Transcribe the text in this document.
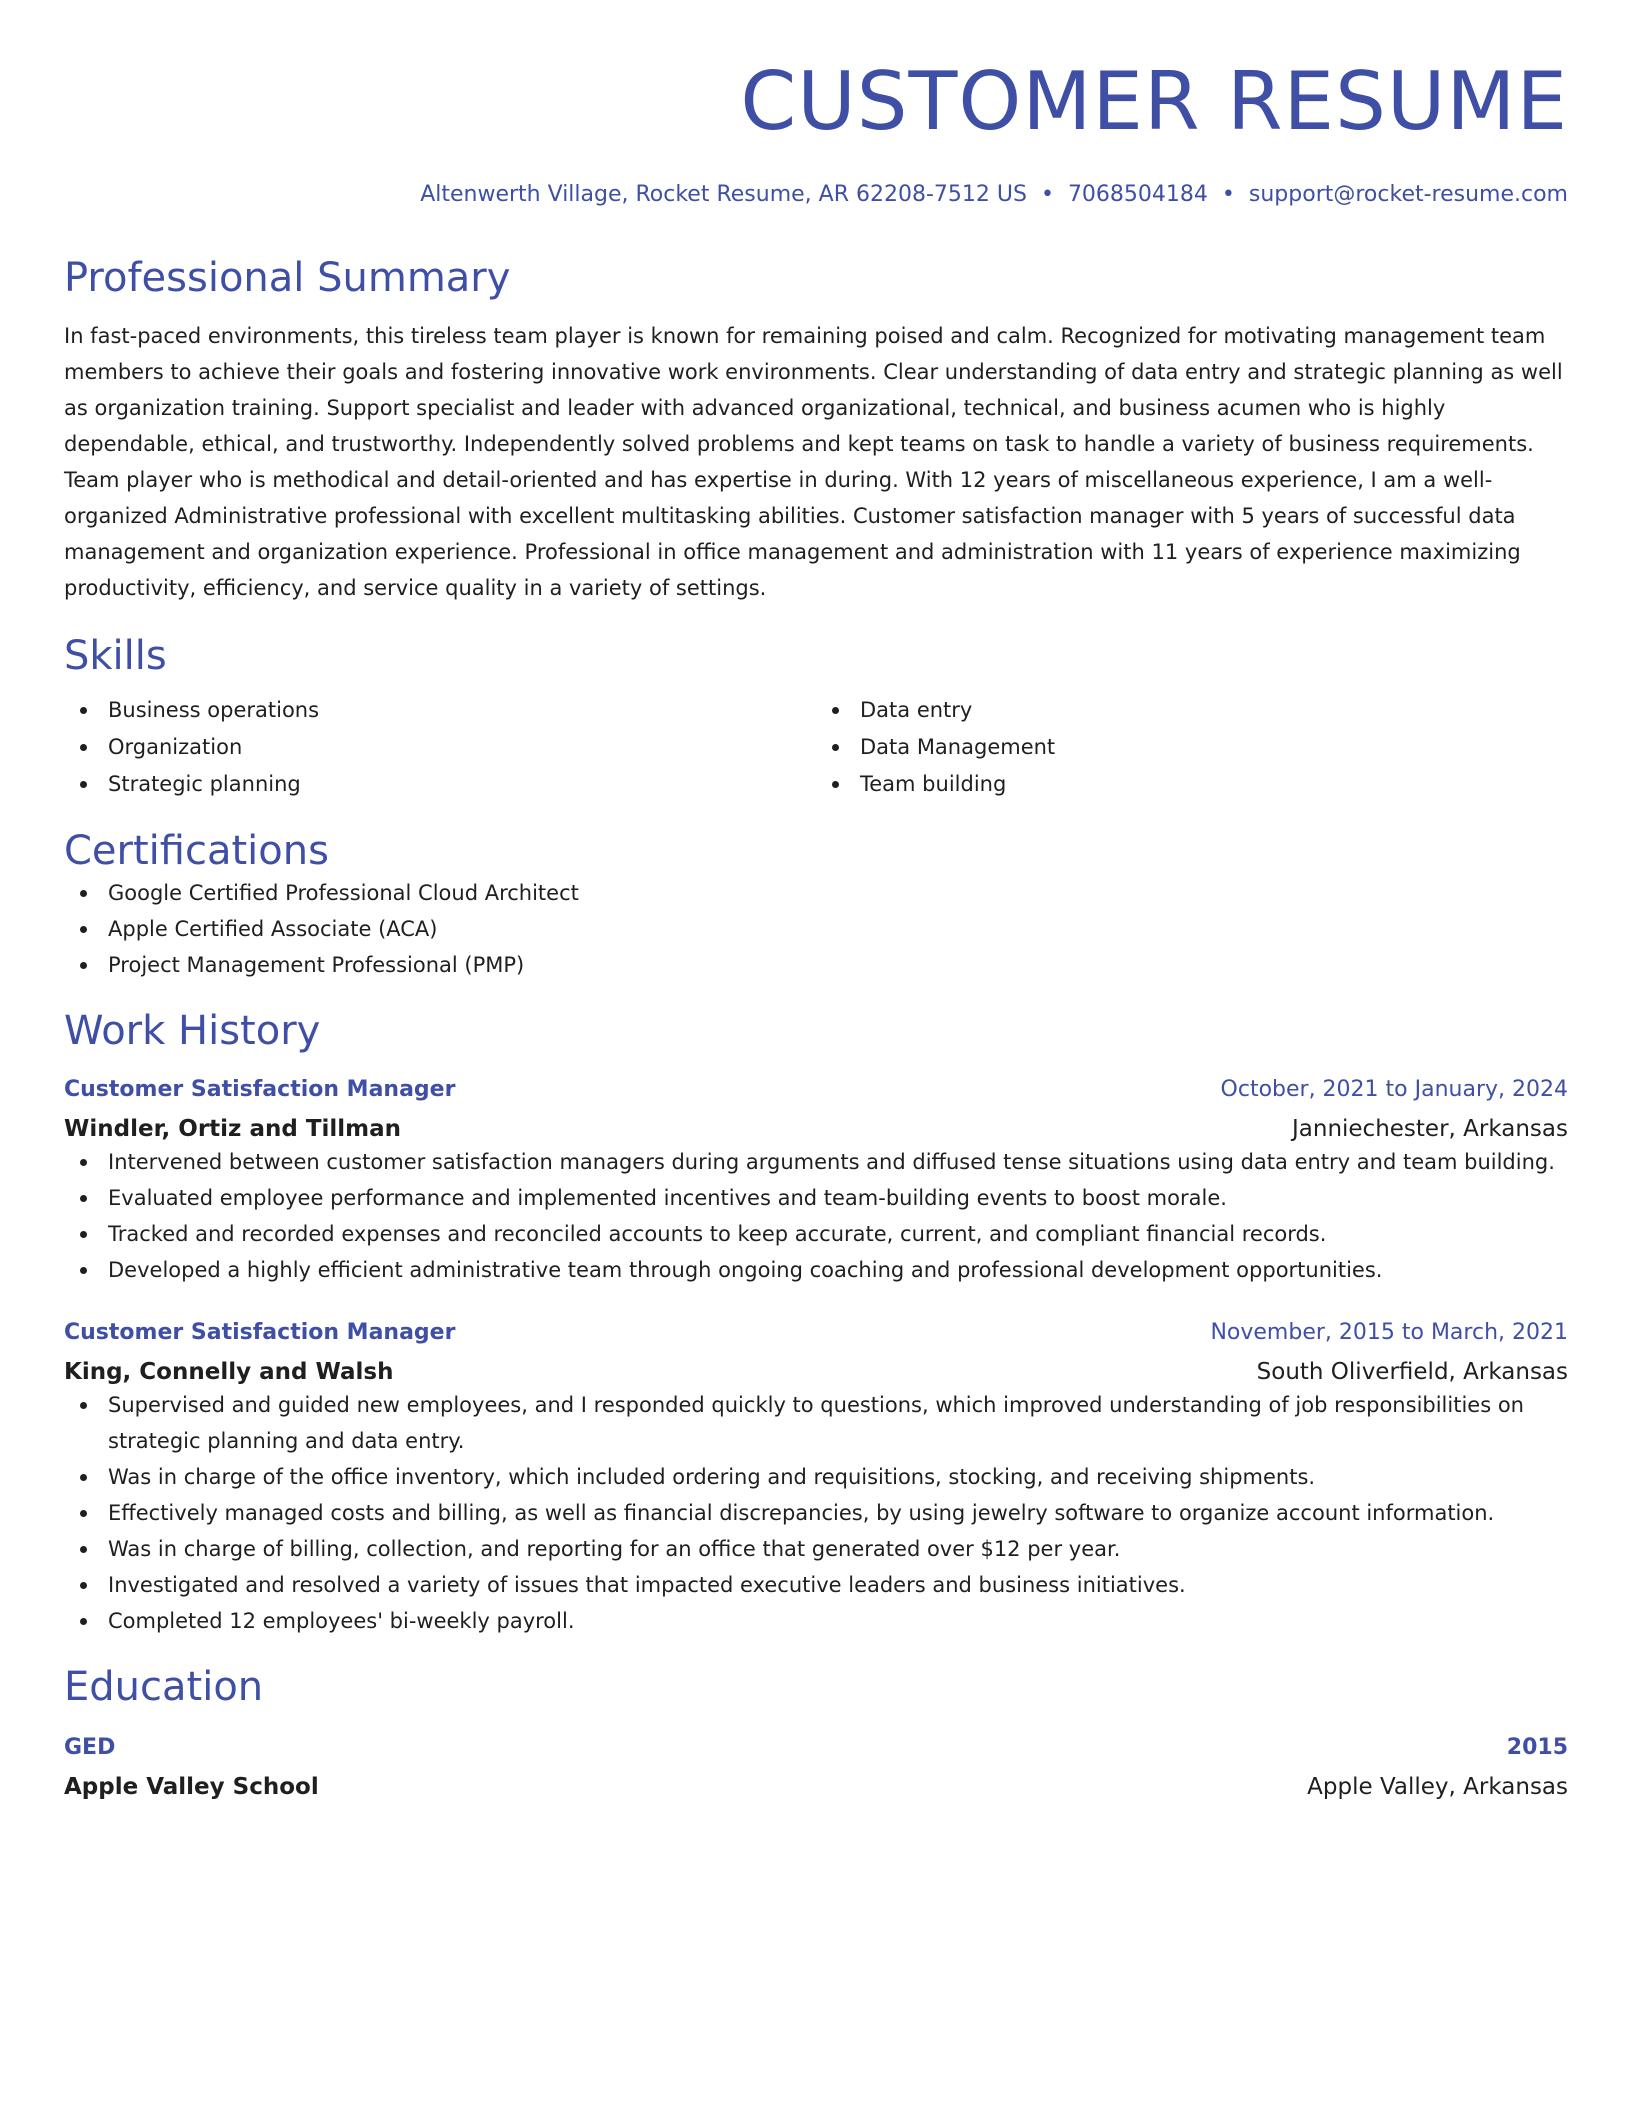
CUSTOMER RESUME
Altenwerth Village, Rocket Resume, AR 62208-7512 US • 7068504184 • support@rocket-resume.com
Professional Summary
In fast-paced environments, this tireless team player is known for remaining poised and calm. Recognized for motivating management team members to achieve their goals and fostering innovative work environments. Clear understanding of data entry and strategic planning as well as organization training. Support specialist and leader with advanced organizational, technical, and business acumen who is highly dependable, ethical, and trustworthy. Independently solved problems and kept teams on task to handle a variety of business requirements. Team player who is methodical and detail-oriented and has expertise in during. With 12 years of miscellaneous experience, I am a well-organized Administrative professional with excellent multitasking abilities. Customer satisfaction manager with 5 years of successful data management and organization experience. Professional in office management and administration with 11 years of experience maximizing productivity, efficiency, and service quality in a variety of settings.
Skills
Business operations
Organization
Strategic planning
Data entry
Data Management
Team building
Certifications
Google Certified Professional Cloud Architect
Apple Certified Associate (ACA)
Project Management Professional (PMP)
Work History
Customer Satisfaction Manager	October, 2021 to January, 2024
Windler, Ortiz and Tillman	Janniechester, Arkansas
Intervened between customer satisfaction managers during arguments and diffused tense situations using data entry and team building.
Evaluated employee performance and implemented incentives and team-building events to boost morale.
Tracked and recorded expenses and reconciled accounts to keep accurate, current, and compliant financial records.
Developed a highly efficient administrative team through ongoing coaching and professional development opportunities.
Customer Satisfaction Manager	November, 2015 to March, 2021
King, Connelly and Walsh	South Oliverfield, Arkansas
Supervised and guided new employees, and I responded quickly to questions, which improved understanding of job responsibilities on strategic planning and data entry.
Was in charge of the office inventory, which included ordering and requisitions, stocking, and receiving shipments.
Effectively managed costs and billing, as well as financial discrepancies, by using jewelry software to organize account information.
Was in charge of billing, collection, and reporting for an office that generated over $12 per year.
Investigated and resolved a variety of issues that impacted executive leaders and business initiatives.
Completed 12 employees' bi-weekly payroll.
Education
GED	2015
Apple Valley School	Apple Valley, Arkansas
